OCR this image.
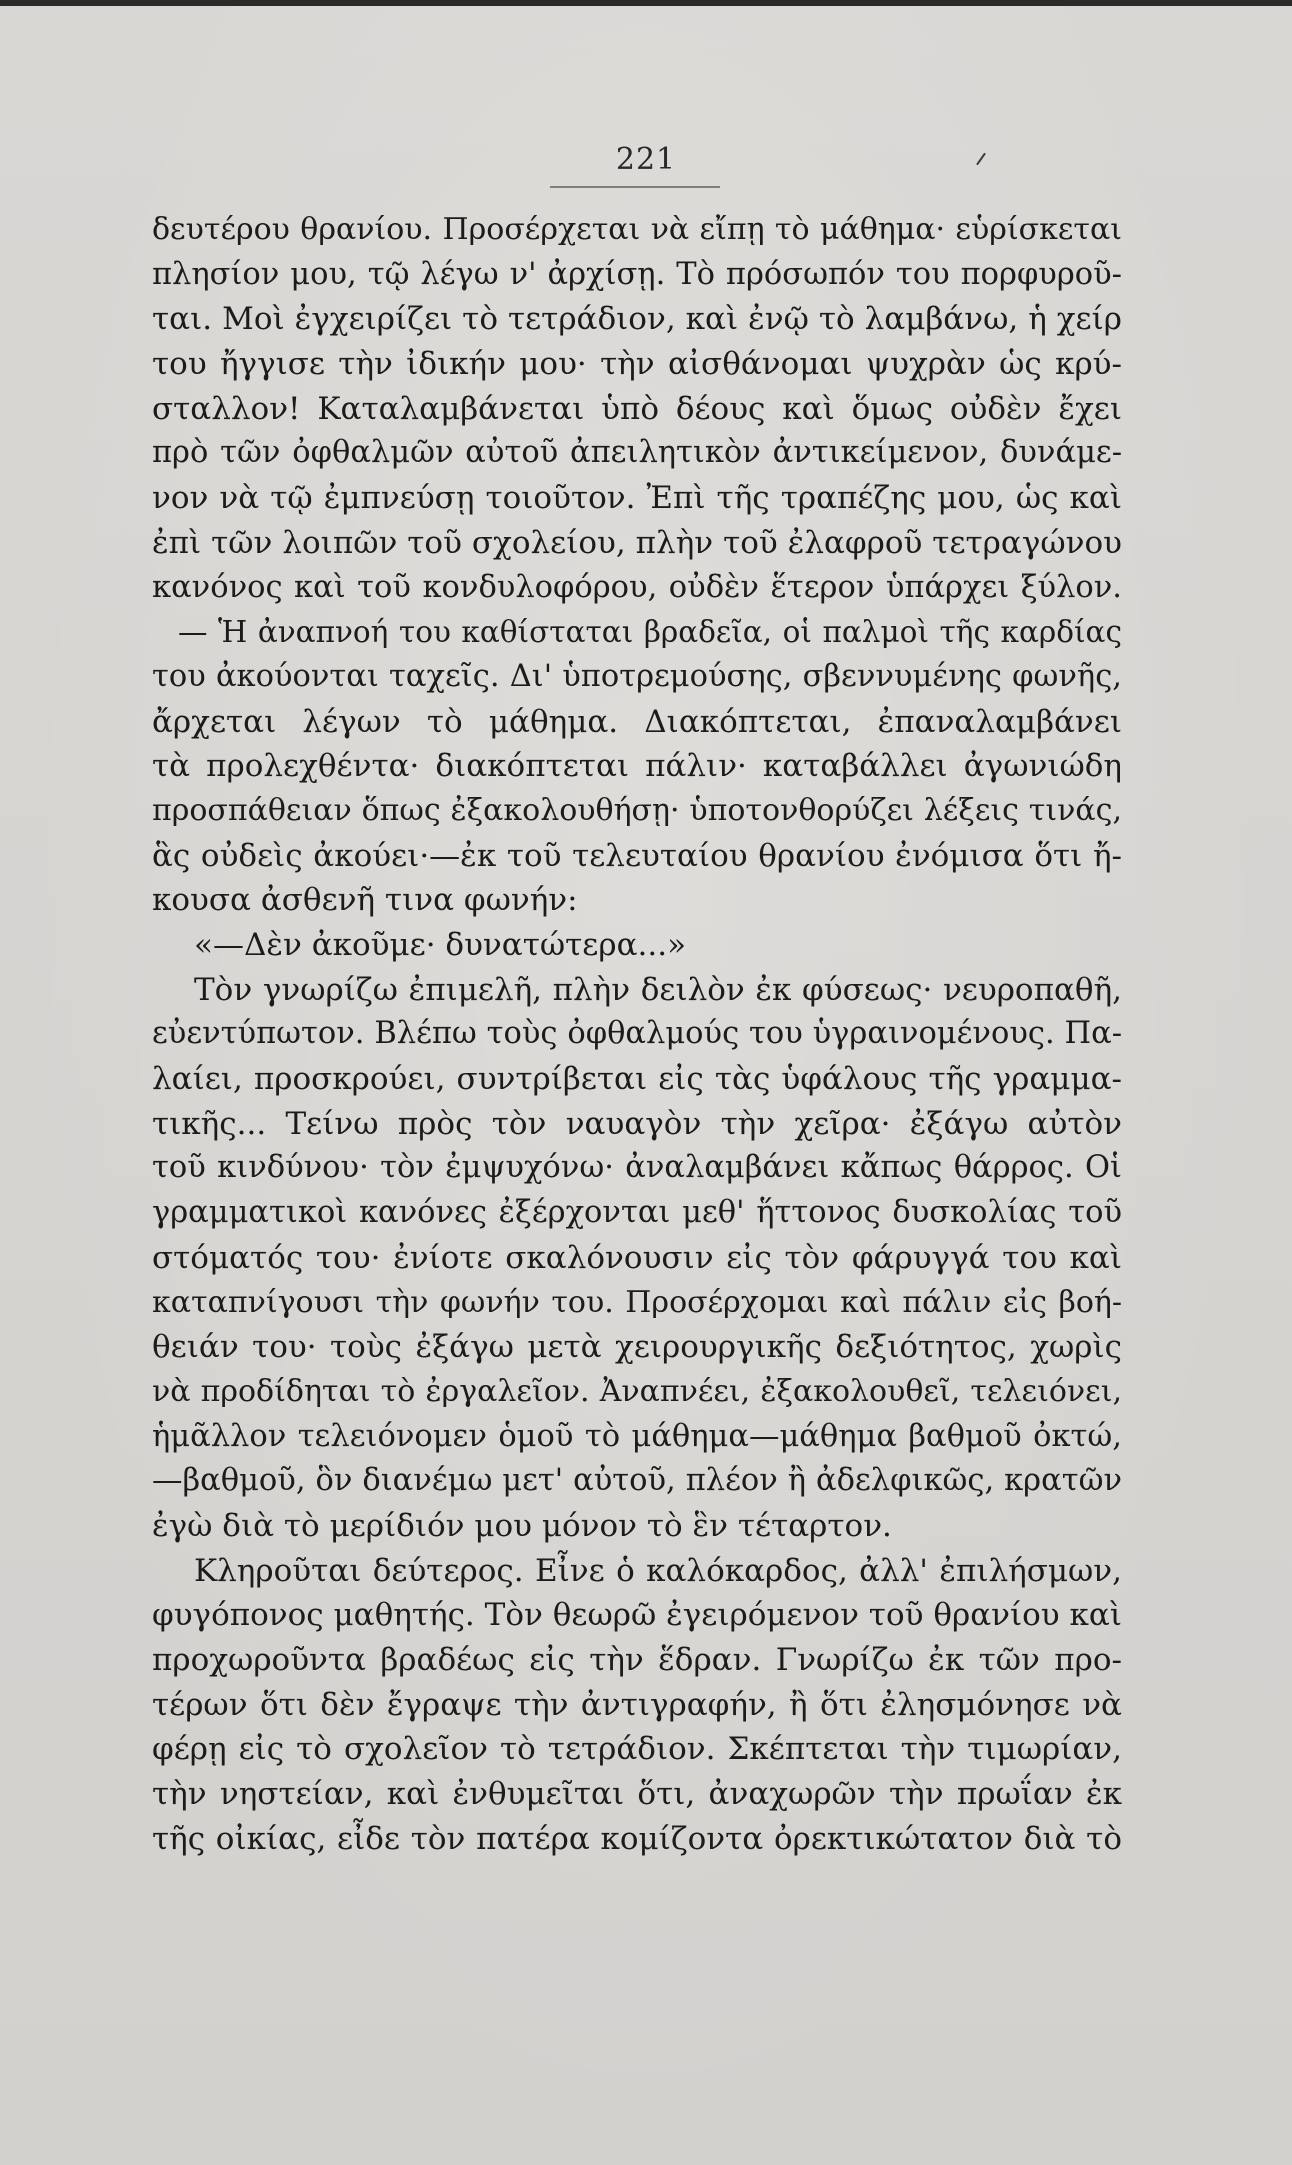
221
δευτέρου θρανίου. Προσέρχεται νὰ εἴπῃ τὸ μάθημα· εὑρίσκεται
πλησίον μου, τῷ λέγω ν' ἀρχίσῃ. Τὸ πρόσωπόν του πορφυροῦ-
ται. Μοὶ ἐγχειρίζει τὸ τετράδιον, καὶ ἐνῷ τὸ λαμβάνω, ἡ χείρ
του ἤγγισε τὴν ἰδικήν μου· τὴν αἰσθάνομαι ψυχρὰν ὡς κρύ-
σταλλον! Καταλαμβάνεται ὑπὸ δέους καὶ ὅμως οὐδὲν ἔχει
πρὸ τῶν ὀφθαλμῶν αὐτοῦ ἀπειλητικὸν ἀντικείμενον, δυνάμε-
νον νὰ τῷ ἐμπνεύσῃ τοιοῦτον. Ἐπὶ τῆς τραπέζης μου, ὡς καὶ
ἐπὶ τῶν λοιπῶν τοῦ σχολείου, πλὴν τοῦ ἐλαφροῦ τετραγώνου
κανόνος καὶ τοῦ κονδυλοφόρου, οὐδὲν ἕτερον ὑπάρχει ξύλον.
— Ἡ ἀναπνοή του καθίσταται βραδεῖα, οἱ παλμοὶ τῆς καρδίας
του ἀκούονται ταχεῖς. Δι' ὑποτρεμούσης, σβεννυμένης φωνῆς,
ἄρχεται λέγων τὸ μάθημα. Διακόπτεται, ἐπαναλαμβάνει
τὰ προλεχθέντα· διακόπτεται πάλιν· καταβάλλει ἀγωνιώδη
προσπάθειαν ὅπως ἐξακολουθήσῃ· ὑποτονθορύζει λέξεις τινάς,
ἃς οὐδεὶς ἀκούει·—ἐκ τοῦ τελευταίου θρανίου ἐνόμισα ὅτι ἤ-
κουσα ἀσθενῆ τινα φωνήν:
«—Δὲν ἀκοῦμε· δυνατώτερα...»
Τὸν γνωρίζω ἐπιμελῆ, πλὴν δειλὸν ἐκ φύσεως· νευροπαθῆ,
εὐεντύπωτον. Βλέπω τοὺς ὀφθαλμούς του ὑγραινομένους. Πα-
λαίει, προσκρούει, συντρίβεται εἰς τὰς ὑφάλους τῆς γραμμα-
τικῆς... Τείνω πρὸς τὸν ναυαγὸν τὴν χεῖρα· ἐξάγω αὐτὸν
τοῦ κινδύνου· τὸν ἐμψυχόνω· ἀναλαμβάνει κἄπως θάρρος. Οἱ
γραμματικοὶ κανόνες ἐξέρχονται μεθ' ἥττονος δυσκολίας τοῦ
στόματός του· ἐνίοτε σκαλόνουσιν εἰς τὸν φάρυγγά του καὶ
καταπνίγουσι τὴν φωνήν του. Προσέρχομαι καὶ πάλιν εἰς βοή-
θειάν του· τοὺς ἐξάγω μετὰ χειρουργικῆς δεξιότητος, χωρὶς
νὰ προδίδηται τὸ ἐργαλεῖον. Ἀναπνέει, ἐξακολουθεῖ, τελειόνει,
ἡμᾶλλον τελειόνομεν ὁμοῦ τὸ μάθημα—μάθημα βαθμοῦ ὀκτώ,
—βαθμοῦ, ὃν διανέμω μετ' αὐτοῦ, πλέον ἢ ἀδελφικῶς, κρατῶν
ἐγὼ διὰ τὸ μερίδιόν μου μόνον τὸ ἓν τέταρτον.
Κληροῦται δεύτερος. Εἶνε ὁ καλόκαρδος, ἀλλ' ἐπιλήσμων,
φυγόπονος μαθητής. Τὸν θεωρῶ ἐγειρόμενον τοῦ θρανίου καὶ
προχωροῦντα βραδέως εἰς τὴν ἕδραν. Γνωρίζω ἐκ τῶν προ-
τέρων ὅτι δὲν ἔγραψε τὴν ἀντιγραφήν, ἢ ὅτι ἐλησμόνησε νὰ
φέρῃ εἰς τὸ σχολεῖον τὸ τετράδιον. Σκέπτεται τὴν τιμωρίαν,
τὴν νηστείαν, καὶ ἐνθυμεῖται ὅτι, ἀναχωρῶν τὴν πρωΐαν ἐκ
τῆς οἰκίας, εἶδε τὸν πατέρα κομίζοντα ὀρεκτικώτατον διὰ τὸ
